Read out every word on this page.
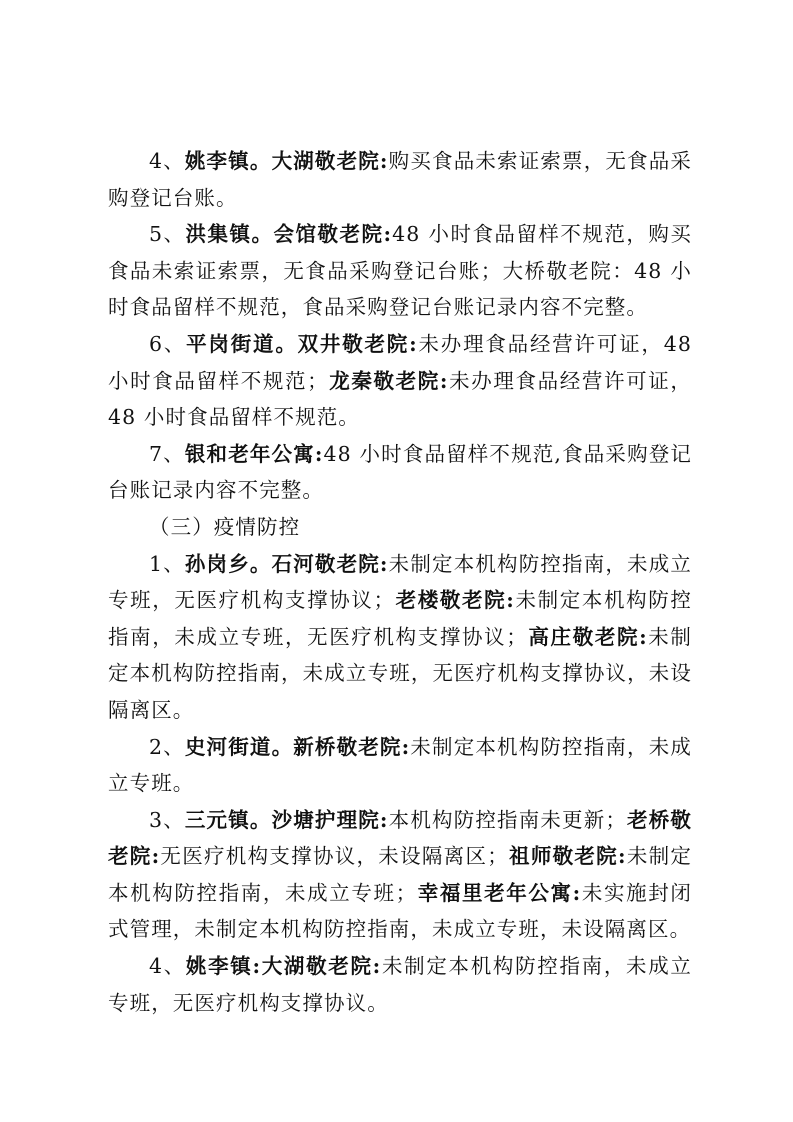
4、姚李镇。大湖敬老院:购买食品未索证索票，无食品采购登记台账。

5、洪集镇。会馆敬老院:48 小时食品留样不规范，购买食品未索证索票，无食品采购登记台账；大桥敬老院：48 小时食品留样不规范，食品采购登记台账记录内容不完整。

6、平岗街道。双井敬老院:未办理食品经营许可证，48 小时食品留样不规范；龙秦敬老院:未办理食品经营许可证，48 小时食品留样不规范。

7、银和老年公寓:48 小时食品留样不规范,食品采购登记台账记录内容不完整。

（三）疫情防控

1、孙岗乡。石河敬老院:未制定本机构防控指南，未成立专班，无医疗机构支撑协议；老楼敬老院:未制定本机构防控指南，未成立专班，无医疗机构支撑协议；高庄敬老院:未制定本机构防控指南，未成立专班，无医疗机构支撑协议，未设隔离区。

2、史河街道。新桥敬老院:未制定本机构防控指南，未成立专班。

3、三元镇。沙塘护理院:本机构防控指南未更新；老桥敬老院:无医疗机构支撑协议，未设隔离区；祖师敬老院:未制定本机构防控指南，未成立专班；幸福里老年公寓:未实施封闭式管理，未制定本机构防控指南，未成立专班，未设隔离区。

4、姚李镇:大湖敬老院:未制定本机构防控指南，未成立专班，无医疗机构支撑协议。
